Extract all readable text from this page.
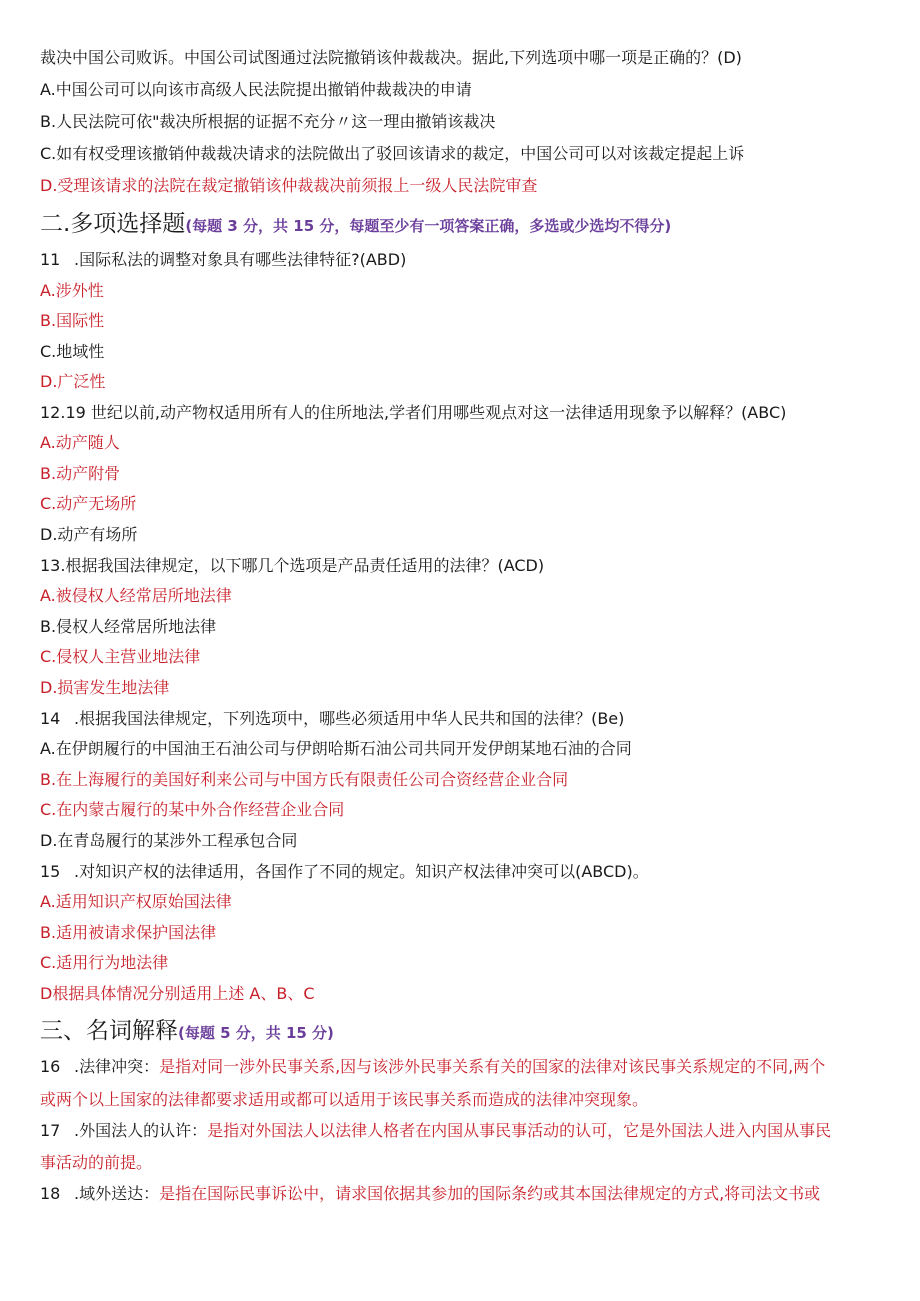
裁决中国公司败诉。中国公司试图通过法院撤销该仲裁裁决。据此,下列选项中哪一项是正确的？(D)
A.中国公司可以向该市高级人民法院提出撤销仲裁裁决的申请
B.人民法院可依"裁决所根据的证据不充分〃这一理由撤销该裁决
C.如有权受理该撤销仲裁裁决请求的法院做出了驳回该请求的裁定，中国公司可以对该裁定提起上诉
D.受理该请求的法院在裁定撤销该仲裁裁决前须报上一级人民法院审查
二.多项选择题(每题 3 分，共 15 分，每题至少有一项答案正确，多选或少选均不得分)
11 .国际私法的调整对象具有哪些法律特征?(ABD)
A.涉外性
B.国际性
C.地域性
D.广泛性
12.19 世纪以前,动产物权适用所有人的住所地法,学者们用哪些观点对这一法律适用现象予以解释？(ABC)
A.动产随人
B.动产附骨
C.动产无场所
D.动产有场所
13.根据我国法律规定，以下哪几个选项是产品责任适用的法律？(ACD)
A.被侵权人经常居所地法律
B.侵权人经常居所地法律
C.侵权人主营业地法律
D.损害发生地法律
14 .根据我国法律规定，下列选项中，哪些必须适用中华人民共和国的法律？(Be)
A.在伊朗履行的中国油王石油公司与伊朗哈斯石油公司共同开发伊朗某地石油的合同
B.在上海履行的美国好利来公司与中国方氏有限责任公司合资经营企业合同
C.在内蒙古履行的某中外合作经营企业合同
D.在青岛履行的某涉外工程承包合同
15 .对知识产权的法律适用，各国作了不同的规定。知识产权法律冲突可以(ABCD)。
A.适用知识产权原始国法律
B.适用被请求保护国法律
C.适用行为地法律
D根据具体情况分别适用上述 A、B、C
三、名词解释(每题 5 分，共 15 分)
16 .法律冲突：是指对同一涉外民事关系,因与该涉外民事关系有关的国家的法律对该民事关系规定的不同,两个
或两个以上国家的法律都要求适用或都可以适用于该民事关系而造成的法律冲突现象。
17 .外国法人的认许：是指对外国法人以法律人格者在内国从事民事活动的认可，它是外国法人进入内国从事民
事活动的前提。
18 .域外送达：是指在国际民事诉讼中，请求国依据其参加的国际条约或其本国法律规定的方式,将司法文书或
